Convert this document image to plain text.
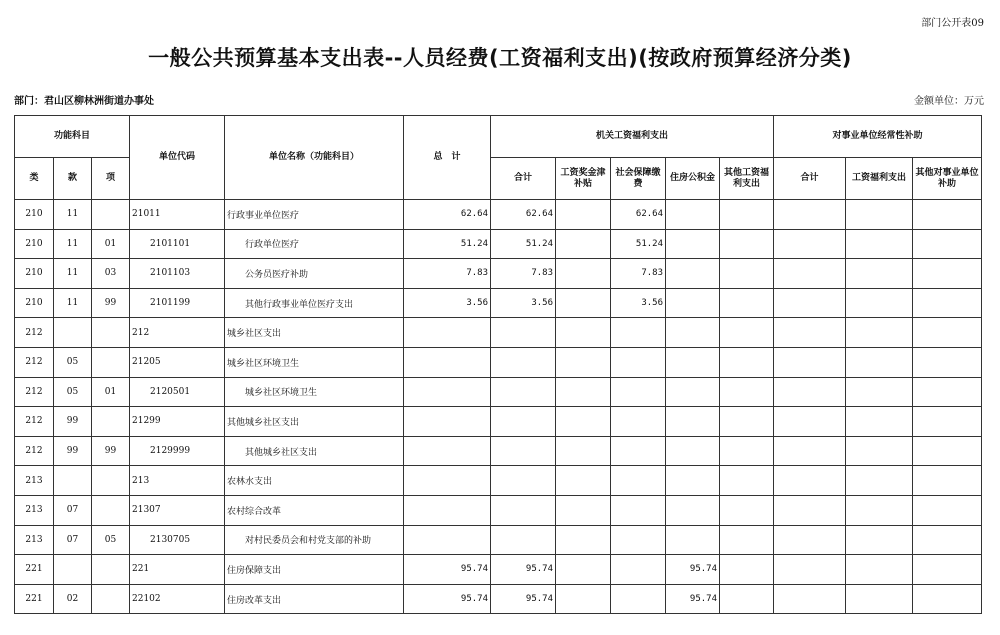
部门公开表09
一般公共预算基本支出表--人员经费(工资福利支出)(按政府预算经济分类)
部门：君山区柳林洲街道办事处	金额单位：万元
功能科目			单位代码	单位名称（功能科目）	总　计	机关工资福利支出					对事业单位经常性补助		
类	款	项				合计	工资奖金津补贴	社会保障缴费	住房公积金	其他工资福利支出	合计	工资福利支出	其他对事业单位补助
210	11		21011	行政事业单位医疗	62.64	62.64		62.64					
210	11	01	2101101	行政单位医疗	51.24	51.24		51.24					
210	11	03	2101103	公务员医疗补助	7.83	7.83		7.83					
210	11	99	2101199	其他行政事业单位医疗支出	3.56	3.56		3.56					
212			212	城乡社区支出									
212	05		21205	城乡社区环境卫生									
212	05	01	2120501	城乡社区环境卫生									
212	99		21299	其他城乡社区支出									
212	99	99	2129999	其他城乡社区支出									
213			213	农林水支出									
213	07		21307	农村综合改革									
213	07	05	2130705	对村民委员会和村党支部的补助									
221			221	住房保障支出	95.74	95.74			95.74				
221	02		22102	住房改革支出	95.74	95.74			95.74				
